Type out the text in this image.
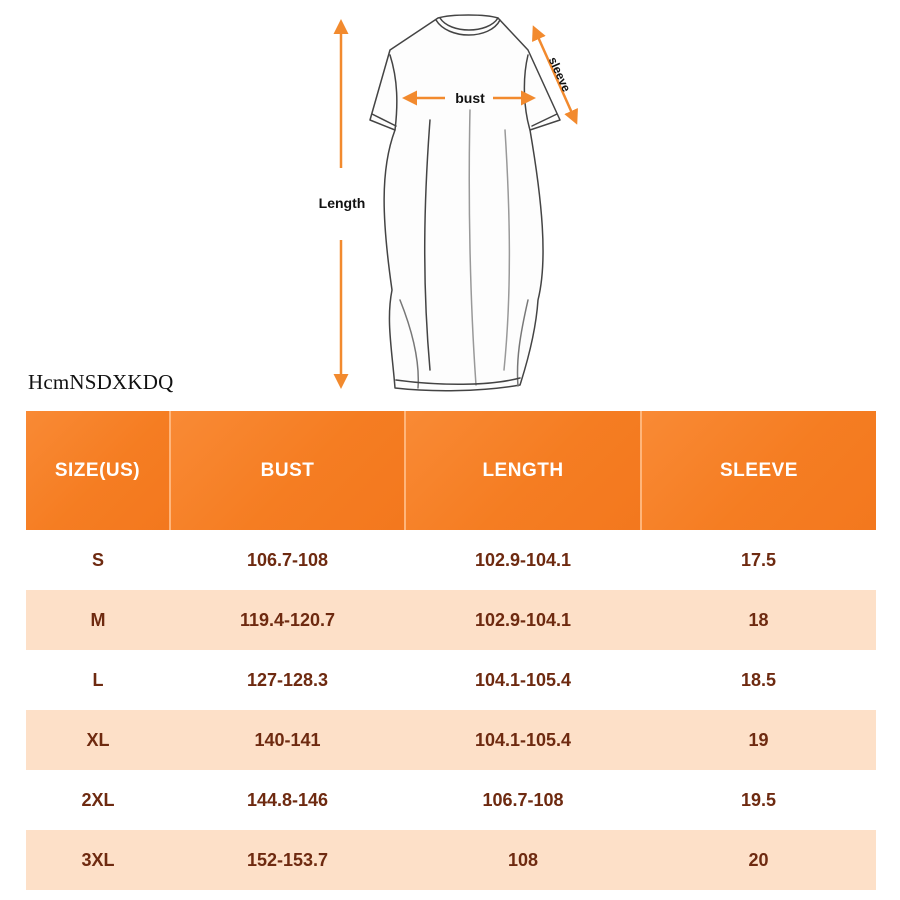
Length
bust
sleeve
HcmNSDXKDQ
SIZE(US)	BUST	LENGTH	SLEEVE
S	106.7-108	102.9-104.1	17.5
M	119.4-120.7	102.9-104.1	18
L	127-128.3	104.1-105.4	18.5
XL	140-141	104.1-105.4	19
2XL	144.8-146	106.7-108	19.5
3XL	152-153.7	108	20
